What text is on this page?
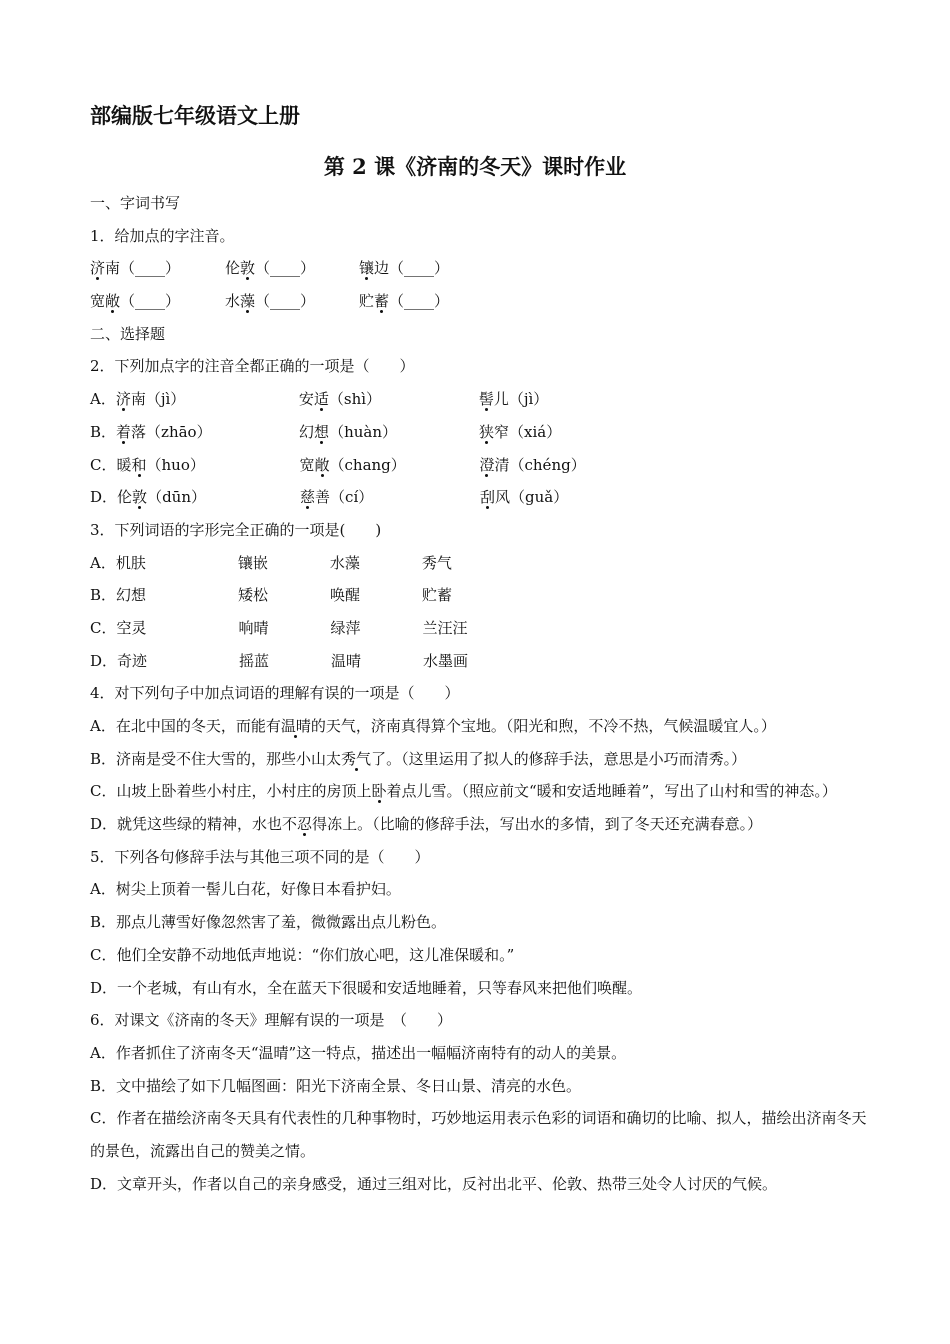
部编版七年级语文上册
第 2 课《济南的冬天》课时作业
一、字词书写
1．给加点的字注音。
济南（____）	伦敦（____）	镶边（____）
宽敞（____）	水藻（____）	贮蓄（____）
二、选择题
2．下列加点字的注音全都正确的一项是（　　）
A．济南（jì）	安适（shì）	髻儿（jì）
B．着落（zhāo）	幻想（huàn）	狭窄（xiá）
C．暖和（huo）	宽敞（chang）	澄清（chéng）
D．伦敦（dūn）	慈善（cí）	刮风（guǎ）
3．下列词语的字形完全正确的一项是(　　)
A．机肤	镶嵌	水藻	秀气
B．幻想	矮松	唤醒	贮蓄
C．空灵	响晴	绿萍	兰汪汪
D．奇迹	摇蓝	温晴	水墨画
4．对下列句子中加点词语的理解有误的一项是（　　）
A．在北中国的冬天，而能有温晴的天气，济南真得算个宝地。（阳光和煦，不冷不热，气候温暖宜人。）
B．济南是受不住大雪的，那些小山太秀气了。（这里运用了拟人的修辞手法，意思是小巧而清秀。）
C．山坡上卧着些小村庄，小村庄的房顶上卧着点儿雪。（照应前文“暖和安适地睡着”，写出了山村和雪的神态。）
D．就凭这些绿的精神，水也不忍得冻上。（比喻的修辞手法，写出水的多情，到了冬天还充满春意。）
5．下列各句修辞手法与其他三项不同的是（　　）
A．树尖上顶着一髻儿白花，好像日本看护妇。
B．那点儿薄雪好像忽然害了羞，微微露出点儿粉色。
C．他们全安静不动地低声地说：“你们放心吧，这儿准保暖和。”
D．一个老城，有山有水，全在蓝天下很暖和安适地睡着，只等春风来把他们唤醒。
6．对课文《济南的冬天》理解有误的一项是　（　　）
A．作者抓住了济南冬天“温晴”这一特点，描述出一幅幅济南特有的动人的美景。
B．文中描绘了如下几幅图画：阳光下济南全景、冬日山景、清亮的水色。
C．作者在描绘济南冬天具有代表性的几种事物时，巧妙地运用表示色彩的词语和确切的比喻、拟人，描绘出济南冬天的景色，流露出自己的赞美之情。
D．文章开头，作者以自己的亲身感受，通过三组对比，反衬出北平、伦敦、热带三处令人讨厌的气候。
